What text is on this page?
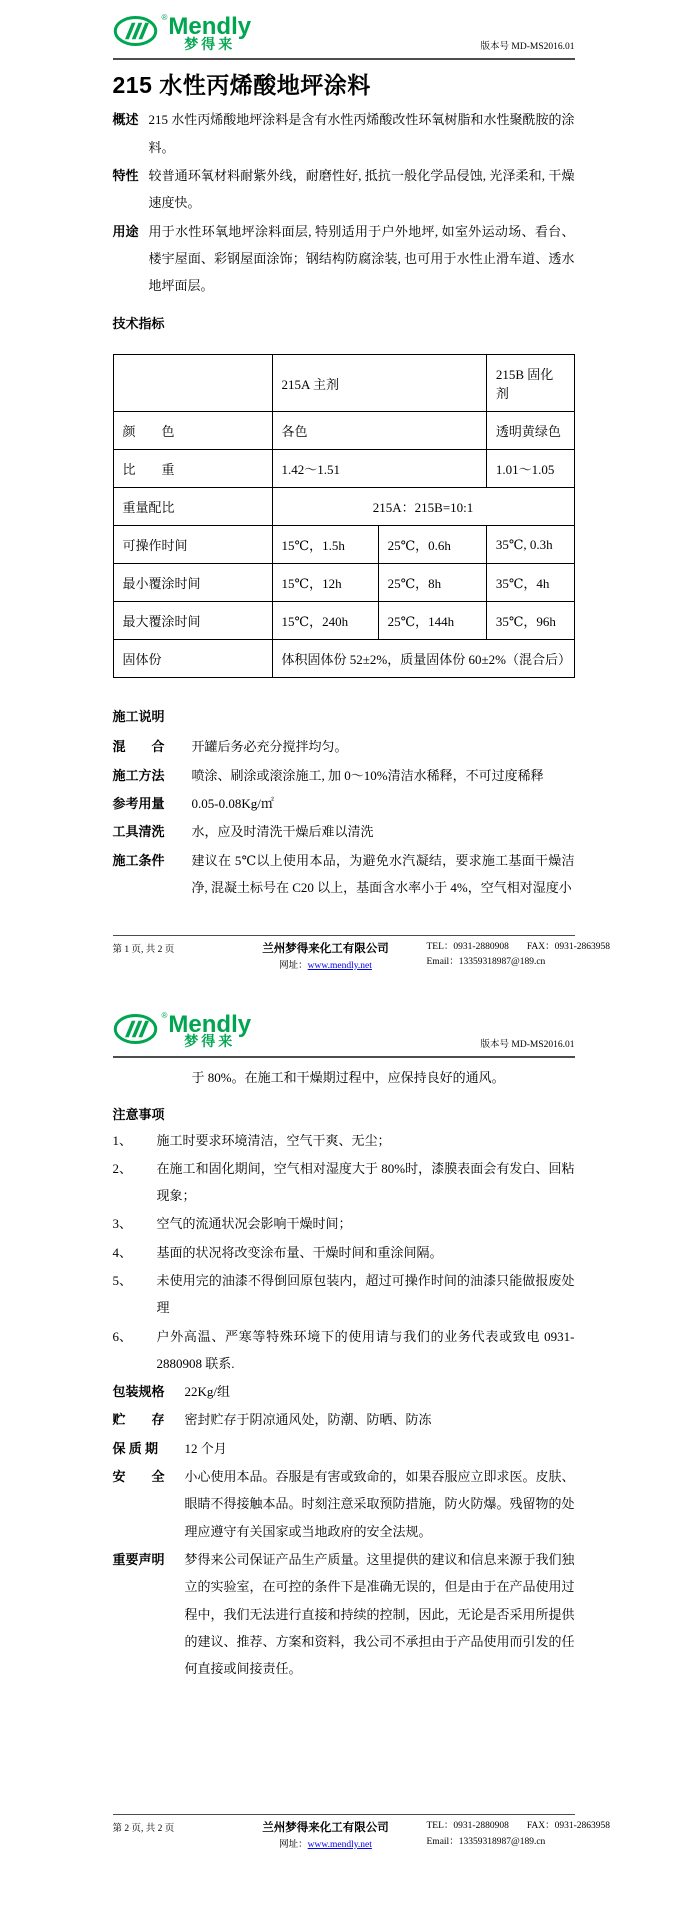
® Mendly
梦得来	版本号 MD-MS2016.01
215 水性丙烯酸地坪涂料
概述 215 水性丙烯酸地坪涂料是含有水性丙烯酸改性环氧树脂和水性聚酰胺的涂料。
特性 较普通环氧材料耐紫外线，耐磨性好, 抵抗一般化学品侵蚀, 光泽柔和, 干燥速度快。
用途 用于水性环氧地坪涂料面层, 特别适用于户外地坪, 如室外运动场、看台、楼宇屋面、彩钢屋面涂饰；钢结构防腐涂装, 也可用于水性止滑车道、透水地坪面层。
技术指标
	215A 主剂		215B 固化剂
颜　　色	各色		透明黄绿色
比　　重	1.42～1.51		1.01～1.05
重量配比	215A：215B=10:1		
可操作时间	15℃，1.5h	25℃，0.6h	35℃, 0.3h
最小覆涂时间	15℃，12h	25℃，8h	35℃，4h
最大覆涂时间	15℃，240h	25℃，144h	35℃，96h
固体份	体积固体份 52±2%，质量固体份 60±2%（混合后）		
施工说明
混　　合	开罐后务必充分搅拌均匀。
施工方法	喷涂、刷涂或滚涂施工, 加 0～10%清洁水稀释，不可过度稀释
参考用量	0.05-0.08Kg/㎡
工具清洗	水，应及时清洗干燥后难以清洗
施工条件	建议在 5℃以上使用本品，为避免水汽凝结，要求施工基面干燥洁净, 混凝土标号在 C20 以上，基面含水率小于 4%，空气相对湿度小
第 1 页, 共 2 页	兰州梦得来化工有限公司
网址：www.mendly.net
TEL：0931-2880908 FAX：0931-2863958
Email：13359318987@189.cn
® Mendly
梦得来	版本号 MD-MS2016.01

于 80%。在施工和干燥期过程中，应保持良好的通风。

注意事项
1、	施工时要求环境清洁，空气干爽、无尘；
2、	在施工和固化期间，空气相对湿度大于 80%时，漆膜表面会有发白、回粘现象；
3、	空气的流通状况会影响干燥时间；
4、	基面的状况将改变涂布量、干燥时间和重涂间隔。
5、	未使用完的油漆不得倒回原包装内，超过可操作时间的油漆只能做报废处理
6、	户外高温、严寒等特殊环境下的使用请与我们的业务代表或致电 0931-2880908 联系.
包装规格	22Kg/组
贮　　存	密封贮存于阴凉通风处，防潮、防晒、防冻
保 质 期	12 个月
安　　全	小心使用本品。吞服是有害或致命的，如果吞服应立即求医。皮肤、眼睛不得接触本品。时刻注意采取预防措施，防火防爆。残留物的处理应遵守有关国家或当地政府的安全法规。
重要声明	梦得来公司保证产品生产质量。这里提供的建议和信息来源于我们独立的实验室，在可控的条件下是准确无误的，但是由于在产品使用过程中，我们无法进行直接和持续的控制，因此，无论是否采用所提供的建议、推荐、方案和资料，我公司不承担由于产品使用而引发的任何直接或间接责任。
第 2 页, 共 2 页	兰州梦得来化工有限公司
网址：www.mendly.net
TEL：0931-2880908 FAX：0931-2863958
Email：13359318987@189.cn
